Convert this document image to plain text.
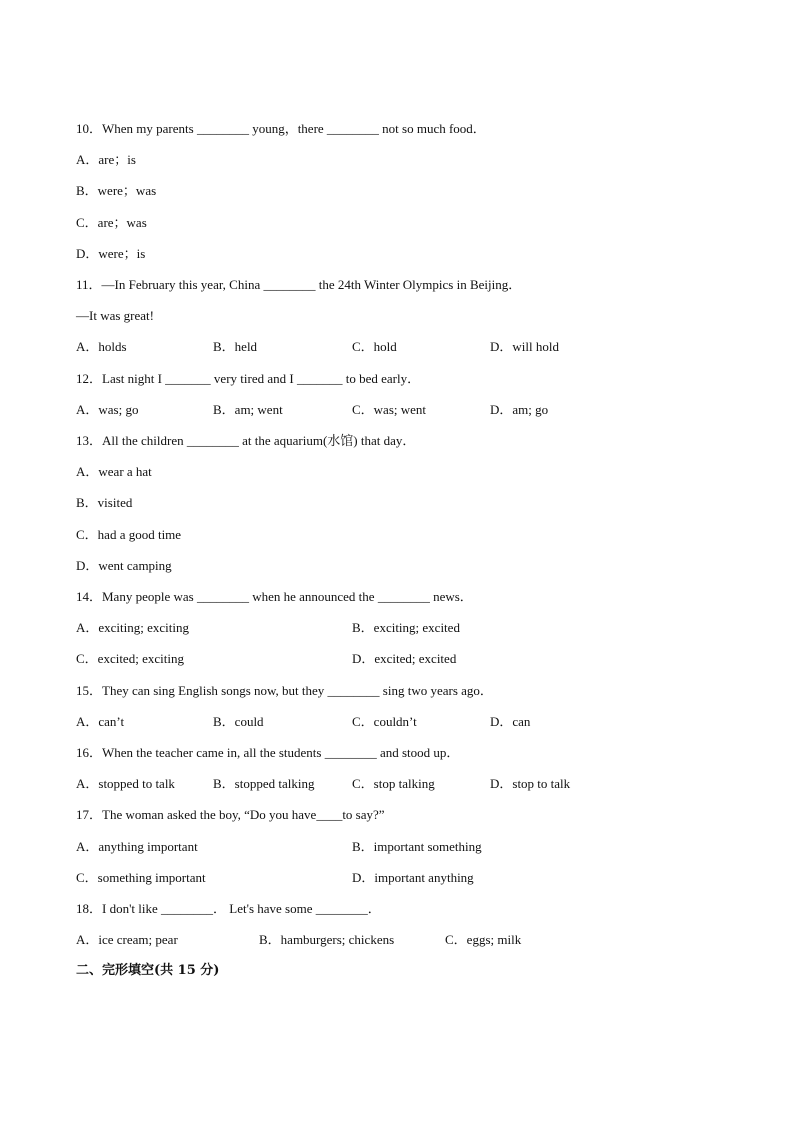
10．When my parents ________ young，there ________ not so much food．
A．are；is
B．were；was
C．are；was
D．were；is
11．—In February this year, China ________ the 24th Winter Olympics in Beijing．
—It was great!
A．holds	B．held	C．hold	D．will hold
12．Last night I _______ very tired and I _______ to bed early．
A．was; go	B．am; went	C．was; went	D．am; go
13．All the children ________ at the aquarium(水馆) that day．
A．wear a hat
B．visited
C．had a good time
D．went camping
14．Many people was ________ when he announced the ________ news．
A．exciting; exciting	B．exciting; excited
C．excited; exciting	D．excited; excited
15．They can sing English songs now, but they ________ sing two years ago．
A．can’t	B．could	C．couldn’t	D．can
16．When the teacher came in, all the students ________ and stood up．
A．stopped to talk	B．stopped talking	C．stop talking	D．stop to talk
17．The woman asked the boy, “Do you have____to say?”
A．anything important	B．important something
C．something important	D．important anything
18．I don't like ________． Let's have some ________．
A．ice cream; pear	B．hamburgers; chickens	C．eggs; milk
二、完形填空(共 15 分)
